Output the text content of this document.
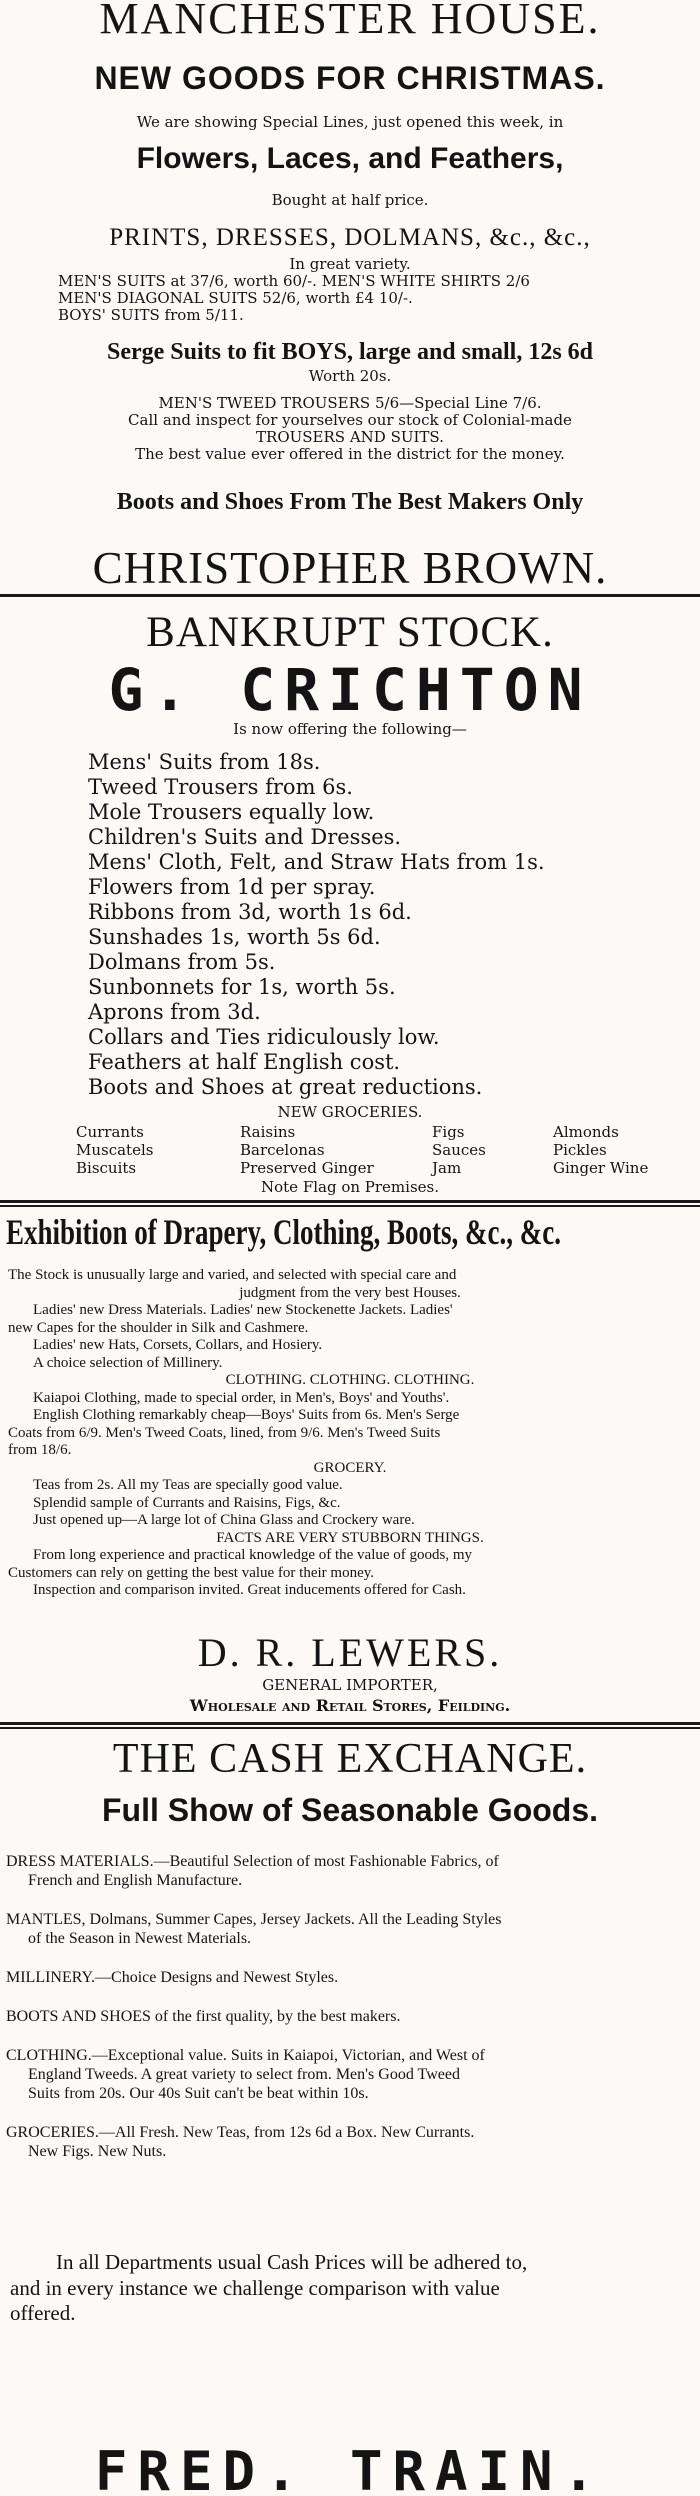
MANCHESTER HOUSE.
NEW GOODS FOR CHRISTMAS.
We are showing Special Lines, just opened this week, in
Flowers, Laces, and Feathers,
Bought at half price.
PRINTS, DRESSES, DOLMANS, &c., &c.,
In great variety.
MEN'S SUITS at 37/6, worth 60/-. MEN'S WHITE SHIRTS 2/6
MEN'S DIAGONAL SUITS 52/6, worth £4 10/-.
BOYS' SUITS from 5/11.
Serge Suits to fit BOYS, large and small, 12s 6d
Worth 20s.
MEN'S TWEED TROUSERS 5/6—Special Line 7/6.
Call and inspect for yourselves our stock of Colonial-made
TROUSERS AND SUITS.
The best value ever offered in the district for the money.
Boots and Shoes From The Best Makers Only
CHRISTOPHER BROWN.
BANKRUPT STOCK.
G. CRICHTON
Is now offering the following—
Mens' Suits from 18s.
Tweed Trousers from 6s.
Mole Trousers equally low.
Children's Suits and Dresses.
Mens' Cloth, Felt, and Straw Hats from 1s.
Flowers from 1d per spray.
Ribbons from 3d, worth 1s 6d.
Sunshades 1s, worth 5s 6d.
Dolmans from 5s.
Sunbonnets for 1s, worth 5s.
Aprons from 3d.
Collars and Ties ridiculously low.
Feathers at half English cost.
Boots and Shoes at great reductions.
NEW GROCERIES.
Currants	Raisins	Figs	Almonds
Muscatels	Barcelonas	Sauces	Pickles
Biscuits	Preserved Ginger	Jam	Ginger Wine
Note Flag on Premises.
Exhibition of Drapery, Clothing, Boots, &c., &c.
The Stock is unusually large and varied, and selected with special care and
judgment from the very best Houses.
Ladies' new Dress Materials. Ladies' new Stockenette Jackets. Ladies'
new Capes for the shoulder in Silk and Cashmere.
Ladies' new Hats, Corsets, Collars, and Hosiery.
A choice selection of Millinery.
CLOTHING. CLOTHING. CLOTHING.
Kaiapoi Clothing, made to special order, in Men's, Boys' and Youths'.
English Clothing remarkably cheap—Boys' Suits from 6s. Men's Serge
Coats from 6/9. Men's Tweed Coats, lined, from 9/6. Men's Tweed Suits
from 18/6.
GROCERY.
Teas from 2s. All my Teas are specially good value.
Splendid sample of Currants and Raisins, Figs, &c.
Just opened up—A large lot of China Glass and Crockery ware.
FACTS ARE VERY STUBBORN THINGS.
From long experience and practical knowledge of the value of goods, my
Customers can rely on getting the best value for their money.
Inspection and comparison invited. Great inducements offered for Cash.
D. R. LEWERS.
GENERAL IMPORTER,
Wholesale and Retail Stores, Feilding.
THE CASH EXCHANGE.
Full Show of Seasonable Goods.
DRESS MATERIALS.—Beautiful Selection of most Fashionable Fabrics, of
French and English Manufacture.
MANTLES, Dolmans, Summer Capes, Jersey Jackets. All the Leading Styles
of the Season in Newest Materials.
MILLINERY.—Choice Designs and Newest Styles.
BOOTS AND SHOES of the first quality, by the best makers.
CLOTHING.—Exceptional value. Suits in Kaiapoi, Victorian, and West of
England Tweeds. A great variety to select from. Men's Good Tweed
Suits from 20s. Our 40s Suit can't be beat within 10s.
GROCERIES.—All Fresh. New Teas, from 12s 6d a Box. New Currants.
New Figs. New Nuts.
In all Departments usual Cash Prices will be adhered to,
and in every instance we challenge comparison with value
offered.
FRED. TRAIN.
